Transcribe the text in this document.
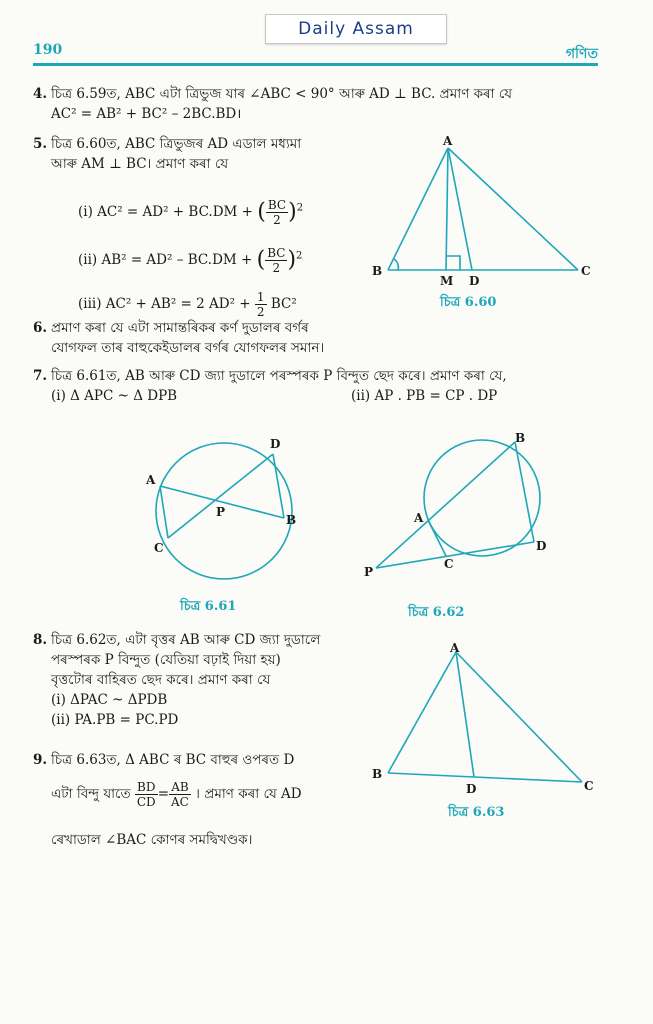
Daily Assam
190	গণিত
4. চিত্ৰ 6.59ত, ABC এটা ত্ৰিভুজ যাৰ ∠ABC < 90° আৰু AD ⊥ BC. প্ৰমাণ কৰা যে
AC² = AB² + BC² – 2BC.BD।
5. চিত্ৰ 6.60ত, ABC ত্ৰিভুজৰ AD এডাল মধ্যমা
আৰু AM ⊥ BC। প্ৰমাণ কৰা যে
(i) AC² = AD² + BC.DM + ( $\frac{BC}{2} )^2$
(ii) AB² = AD² – BC.DM + ( $\frac{BC}{2} )^2$
(iii) AC² + AB² = 2 $AD^2 + \frac{1}{2} BC^2$
A
B	C
M D
চিত্ৰ 6.60
6. প্ৰমাণ কৰা যে এটা সামান্তৰিকৰ কৰ্ণ দুডালৰ বৰ্গৰ
যোগফল তাৰ বাহুকেইডালৰ বৰ্গৰ যোগফলৰ সমান।
7. চিত্ৰ 6.61ত, AB আৰু CD জ্যা দুডালে পৰস্পৰক P বিন্দুত ছেদ কৰে। প্ৰমাণ কৰা যে,
(i) Δ APC ~ Δ DPB	(ii) AP . PB = CP . DP
A
D
P
B
C
চিত্ৰ 6.61
B
A
C
D
P
চিত্ৰ 6.62
8. চিত্ৰ 6.62ত, এটা বৃত্তৰ AB আৰু CD জ্যা দুডালে
পৰস্পৰক P বিন্দুত (যেতিয়া বঢ়াই দিয়া হয়)
বৃত্তটোৰ বাহিৰত ছেদ কৰে। প্ৰমাণ কৰা যে
(i) ΔPAC ~ ΔPDB
(ii) PA.PB = PC.PD
9. চিত্ৰ 6.63ত, Δ ABC ৰ BC বাহুৰ ওপৰত D
এটা বিন্দু যাতে $\frac{BD}{CD} = \frac{AB}{AC}$ । প্ৰমাণ কৰা যে AD
ৰেখাডাল ∠BAC কোণৰ সমদ্বিখণ্ডক।
A
B
C
D
চিত্ৰ 6.63
